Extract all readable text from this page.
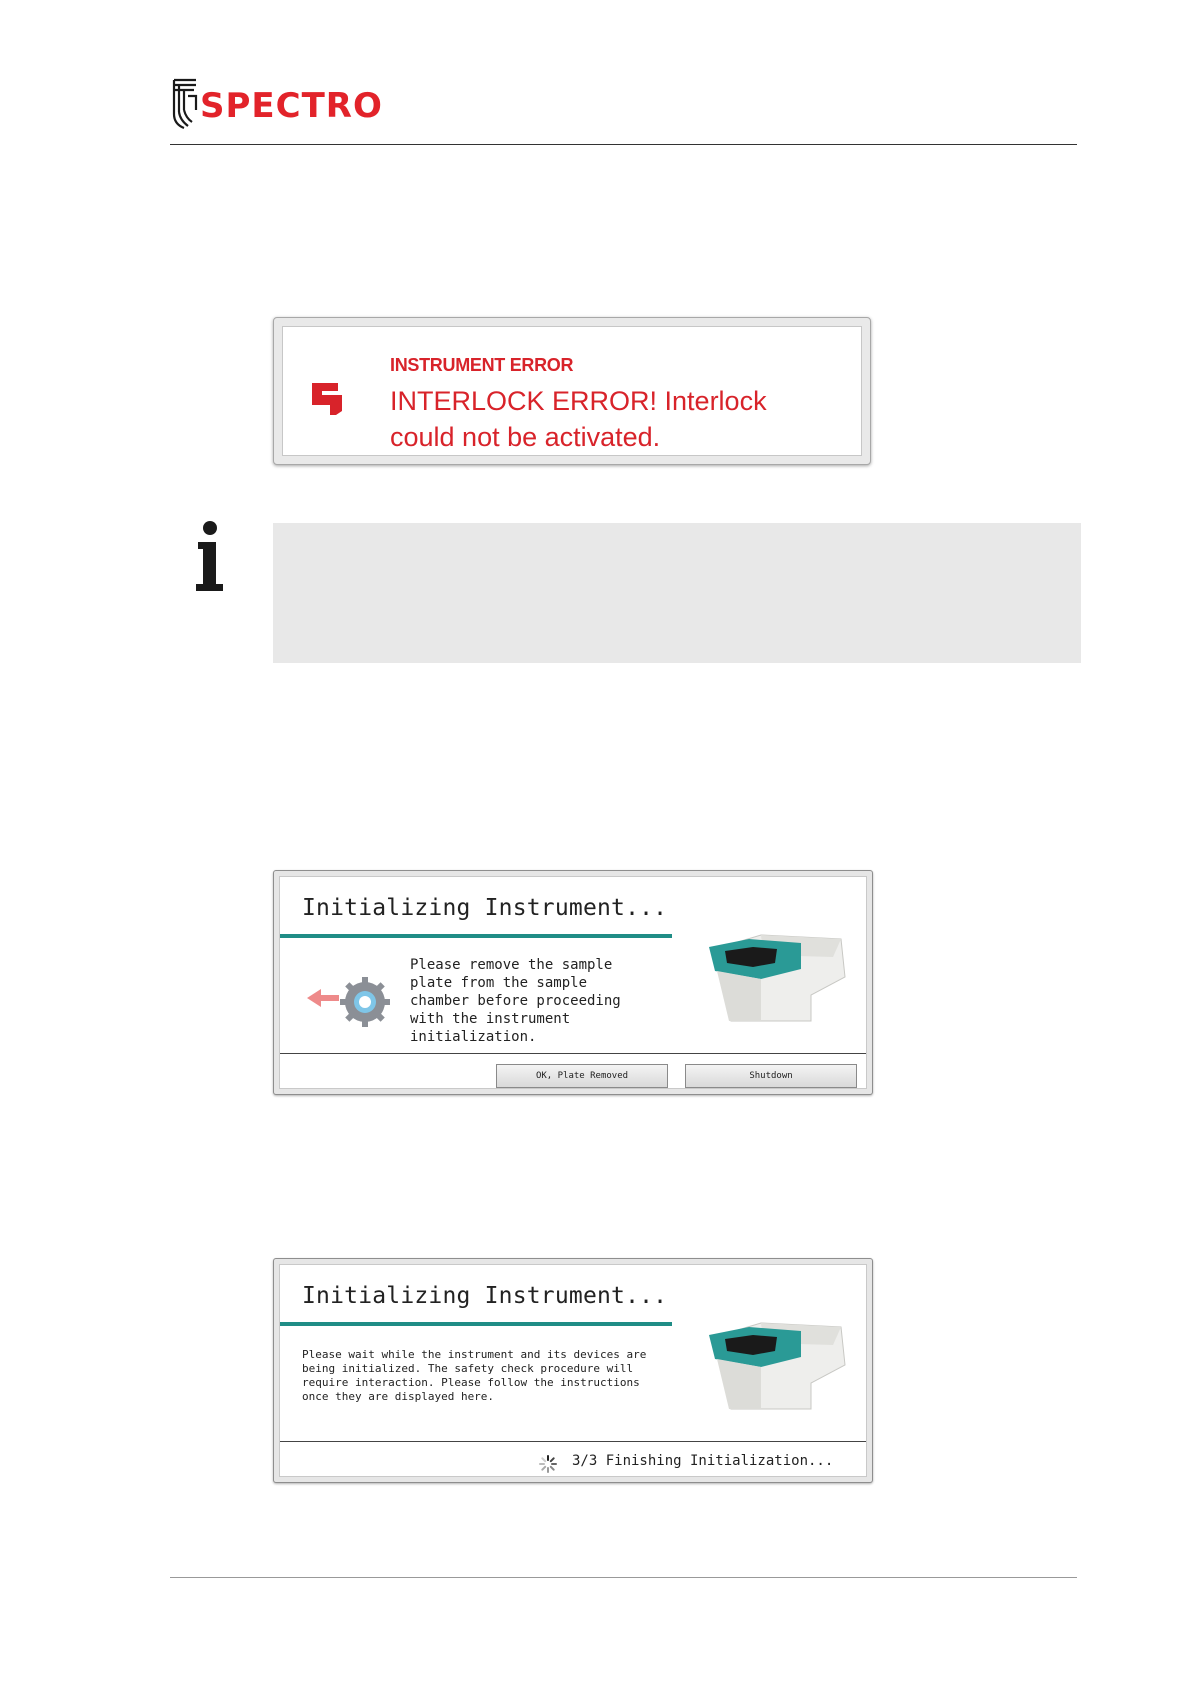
SPECTRO
INSTRUMENT ERROR
INTERLOCK ERROR! Interlock could not be activated.
Initializing Instrument...
Please remove the sample
plate from the sample
chamber before proceeding
with the instrument
initialization.
OK, Plate Removed	Shutdown
Initializing Instrument...
Please wait while the instrument and its devices are
being initialized. The safety check procedure will
require interaction. Please follow the instructions
once they are displayed here.
3/3 Finishing Initialization...
